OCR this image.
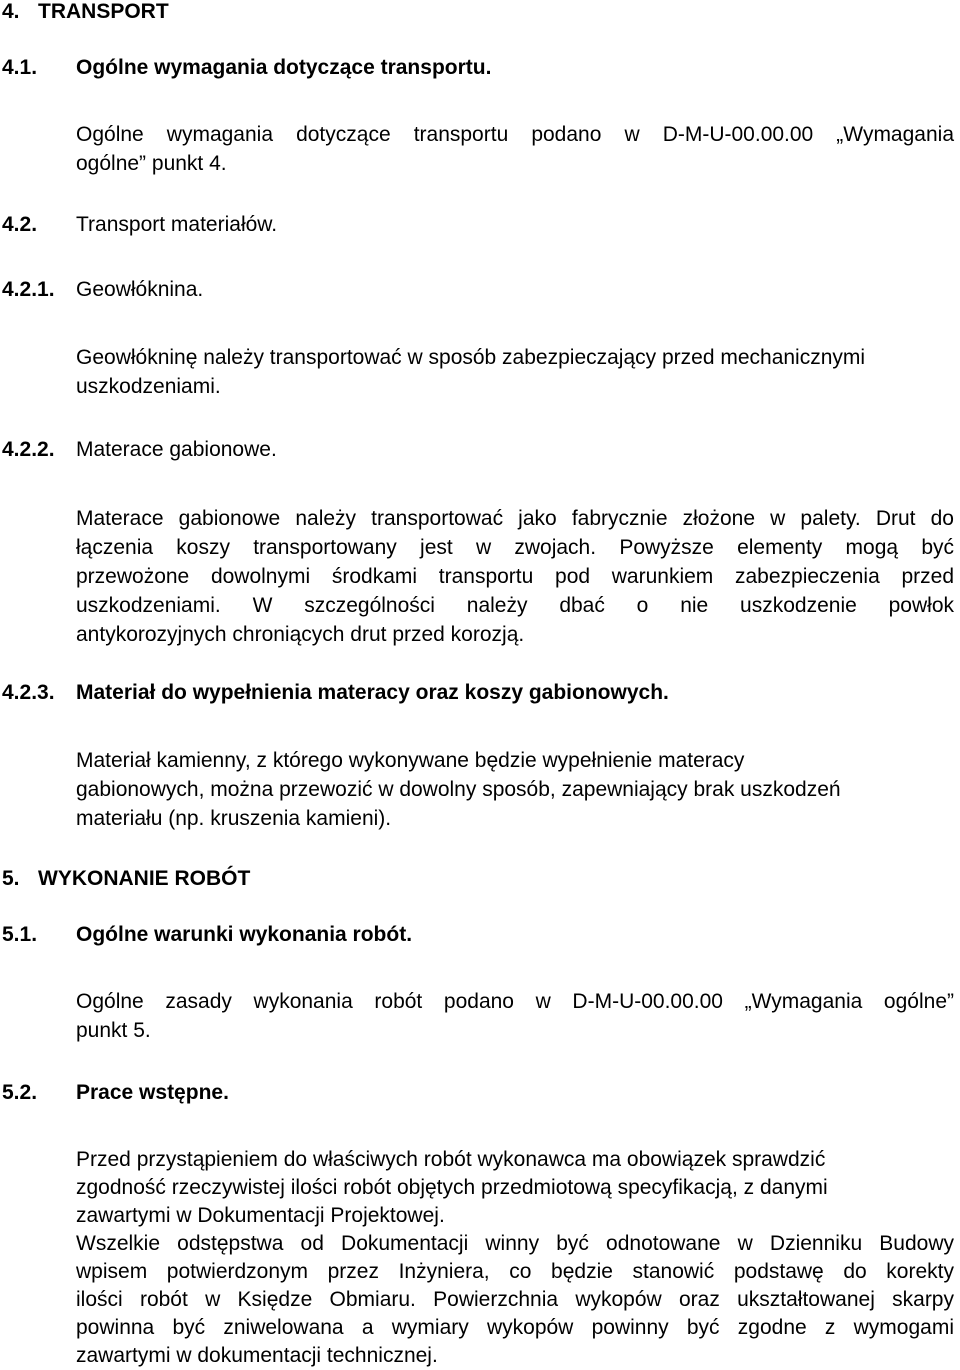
4. TRANSPORT
4.1. Ogólne wymagania dotyczące transportu.
Ogólne wymagania dotyczące transportu podano w D-M-U-00.00.00 „Wymagania
ogólne” punkt 4.
4.2. Transport materiałów.
4.2.1. Geowłóknina.
Geowłókninę należy transportować w sposób zabezpieczający przed mechanicznymi
uszkodzeniami.
4.2.2. Materace gabionowe.
Materace gabionowe należy transportować jako fabrycznie złożone w palety. Drut do
łączenia koszy transportowany jest w zwojach. Powyższe elementy mogą być
przewożone dowolnymi środkami transportu pod warunkiem zabezpieczenia przed
uszkodzeniami. W szczególności należy dbać o nie uszkodzenie powłok
antykorozyjnych chroniących drut przed korozją.
4.2.3. Materiał do wypełnienia materacy oraz koszy gabionowych.
Materiał kamienny, z którego wykonywane będzie wypełnienie materacy
gabionowych, można przewozić w dowolny sposób, zapewniający brak uszkodzeń
materiału (np. kruszenia kamieni).
5. WYKONANIE ROBÓT
5.1. Ogólne warunki wykonania robót.
Ogólne zasady wykonania robót podano w D-M-U-00.00.00 „Wymagania ogólne”
punkt 5.
5.2. Prace wstępne.
Przed przystąpieniem do właściwych robót wykonawca ma obowiązek sprawdzić
zgodność rzeczywistej ilości robót objętych przedmiotową specyfikacją, z danymi
zawartymi w Dokumentacji Projektowej.
Wszelkie odstępstwa od Dokumentacji winny być odnotowane w Dzienniku Budowy
wpisem potwierdzonym przez Inżyniera, co będzie stanowić podstawę do korekty
ilości robót w Księdze Obmiaru. Powierzchnia wykopów oraz ukształtowanej skarpy
powinna być zniwelowana a wymiary wykopów powinny być zgodne z wymogami
zawartymi w dokumentacji technicznej.
